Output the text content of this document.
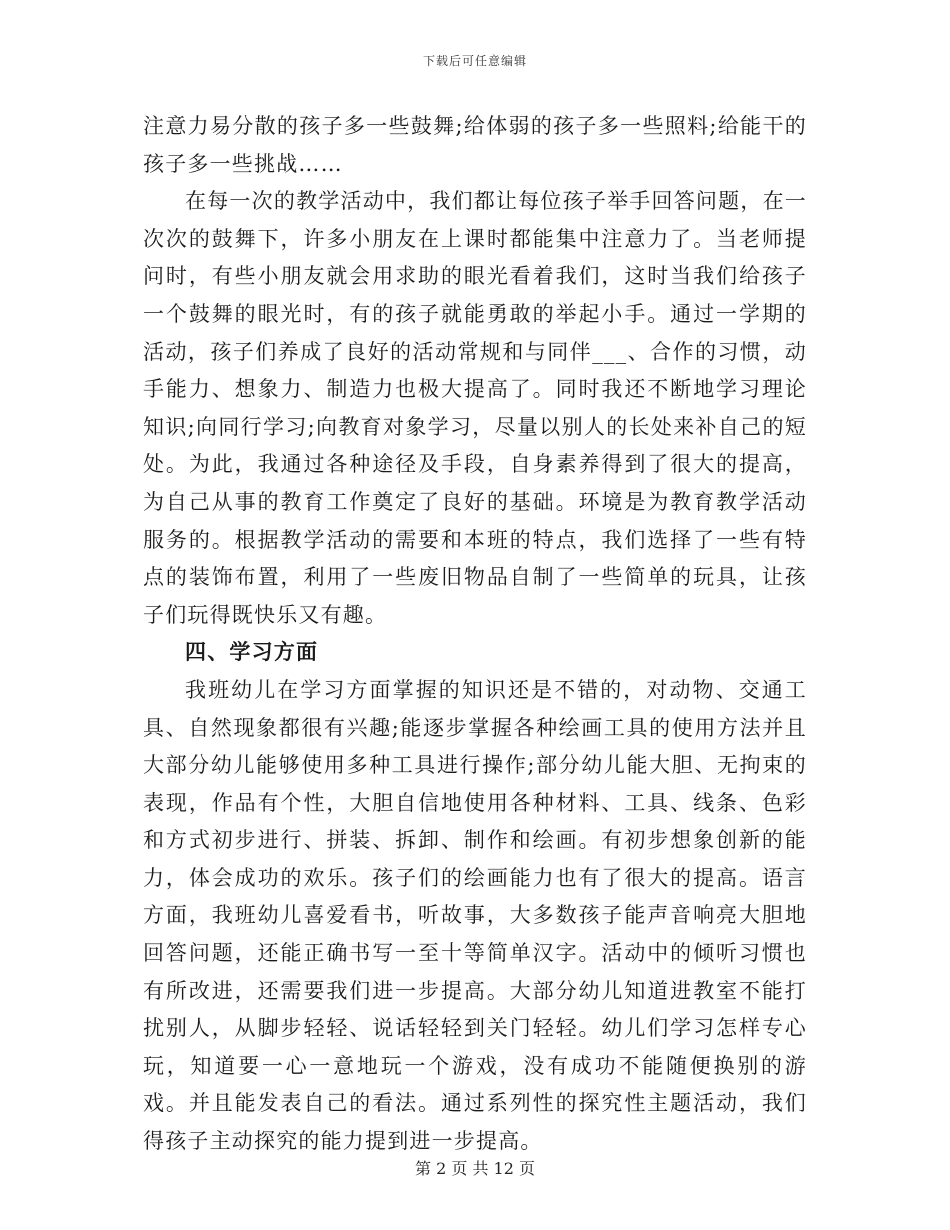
下载后可任意编辑

注意力易分散的孩子多一些鼓舞;给体弱的孩子多一些照料;给能干的孩子多一些挑战……

在每一次的教学活动中，我们都让每位孩子举手回答问题，在一次次的鼓舞下，许多小朋友在上课时都能集中注意力了。当老师提问时，有些小朋友就会用求助的眼光看着我们，这时当我们给孩子一个鼓舞的眼光时，有的孩子就能勇敢的举起小手。通过一学期的活动，孩子们养成了良好的活动常规和与同伴___、合作的习惯，动手能力、想象力、制造力也极大提高了。同时我还不断地学习理论知识;向同行学习;向教育对象学习，尽量以别人的长处来补自己的短处。为此，我通过各种途径及手段，自身素养得到了很大的提高，为自己从事的教育工作奠定了良好的基础。环境是为教育教学活动服务的。根据教学活动的需要和本班的特点，我们选择了一些有特点的装饰布置，利用了一些废旧物品自制了一些简单的玩具，让孩子们玩得既快乐又有趣。

四、学习方面

我班幼儿在学习方面掌握的知识还是不错的，对动物、交通工具、自然现象都很有兴趣;能逐步掌握各种绘画工具的使用方法并且大部分幼儿能够使用多种工具进行操作;部分幼儿能大胆、无拘束的表现，作品有个性，大胆自信地使用各种材料、工具、线条、色彩和方式初步进行、拼装、拆卸、制作和绘画。有初步想象创新的能力，体会成功的欢乐。孩子们的绘画能力也有了很大的提高。语言方面，我班幼儿喜爱看书，听故事，大多数孩子能声音响亮大胆地回答问题，还能正确书写一至十等简单汉字。活动中的倾听习惯也有所改进，还需要我们进一步提高。大部分幼儿知道进教室不能打扰别人，从脚步轻轻、说话轻轻到关门轻轻。幼儿们学习怎样专心玩，知道要一心一意地玩一个游戏，没有成功不能随便换别的游戏。并且能发表自己的看法。通过系列性的探究性主题活动，我们得孩子主动探究的能力提到进一步提高。

第 2 页 共 12 页
